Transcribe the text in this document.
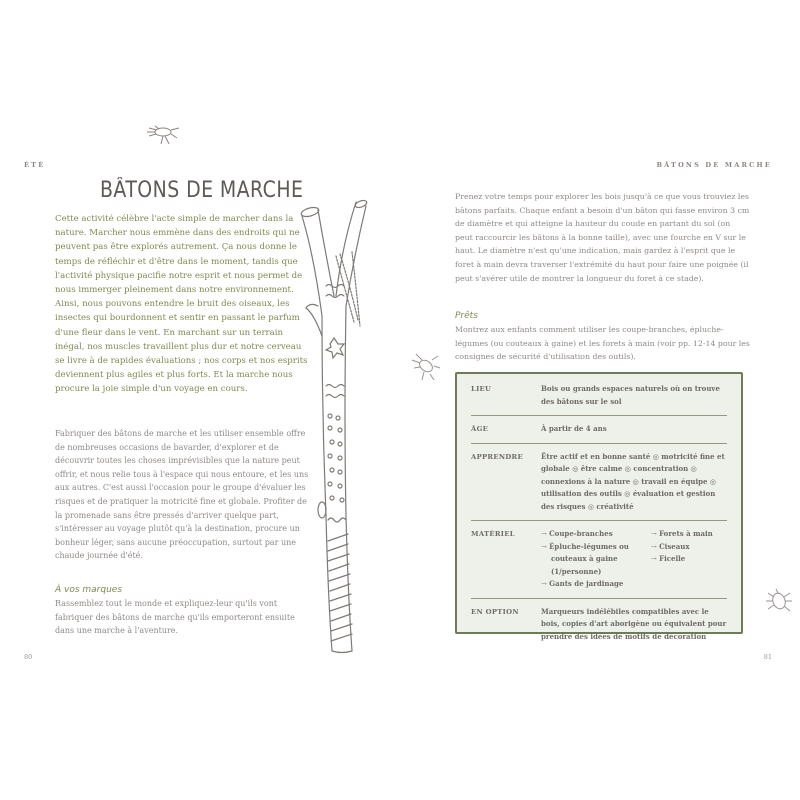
ÉTÉ
BÂTONS DE MARCHE

Cette activité célèbre l'acte simple de marcher dans la nature. Marcher nous emmène dans des endroits qui ne peuvent pas être explorés autrement. Ça nous donne le temps de réfléchir et d'être dans le moment, tandis que l'activité physique pacifie notre esprit et nous permet de nous immerger pleinement dans notre environnement. Ainsi, nous pouvons entendre le bruit des oiseaux, les insectes qui bourdonnent et sentir en passant le parfum d'une fleur dans le vent. En marchant sur un terrain inégal, nos muscles travaillent plus dur et notre cerveau se livre à de rapides évaluations ; nos corps et nos esprits deviennent plus agiles et plus forts. Et la marche nous procure la joie simple d'un voyage en cours.

Fabriquer des bâtons de marche et les utiliser ensemble offre de nombreuses occasions de bavarder, d'explorer et de découvrir toutes les choses imprévisibles que la nature peut offrir, et nous relie tous à l'espace qui nous entoure, et les uns aux autres. C'est aussi l'occasion pour le groupe d'évaluer les risques et de pratiquer la motricité fine et globale. Profiter de la promenade sans être pressés d'arriver quelque part, s'intéresser au voyage plutôt qu'à la destination, procure un bonheur léger, sans aucune préoccupation, surtout par une chaude journée d'été.

À vos marques

Rassemblez tout le monde et expliquez-leur qu'ils vont fabriquer des bâtons de marche qu'ils emporteront ensuite dans une marche à l'aventure.

80
BÂTONS DE MARCHE

Prenez votre temps pour explorer les bois jusqu'à ce que vous trouviez les bâtons parfaits. Chaque enfant a besoin d'un bâton qui fasse environ 3 cm de diamètre et qui atteigne la hauteur du coude en partant du sol (on peut raccourcir les bâtons à la bonne taille), avec une fourche en V sur le haut. Le diamètre n'est qu'une indication, mais gardez à l'esprit que le foret à main devra traverser l'extrémité du haut pour faire une poignée (il peut s'avérer utile de montrer la longueur du foret à ce stade).

Prêts

Montrez aux enfants comment utiliser les coupe-branches, épluche-légumes (ou couteaux à gaine) et les forets à main (voir pp. 12-14 pour les consignes de sécurité d'utilisation des outils).

LIEU	Bois ou grands espaces naturels où on trouve des bâtons sur le sol
ÂGE	À partir de 4 ans
APPRENDRE	Être actif et en bonne santé ◎ motricité fine et globale ◎ être calme ◎ concentration ◎ connexions à la nature ◎ travail en équipe ◎ utilisation des outils ◎ évaluation et gestion des risques ◎ créativité
MATÉRIEL	→ Coupe-branches
→ Épluche-légumes ou couteaux à gaine (1/personne)
→ Gants de jardinage
→ Forets à main
→ Ciseaux
→ Ficelle
EN OPTION	Marqueurs indélébiles compatibles avec le bois, copies d'art aborigène ou équivalent pour prendre des idées de motifs de décoration
81
